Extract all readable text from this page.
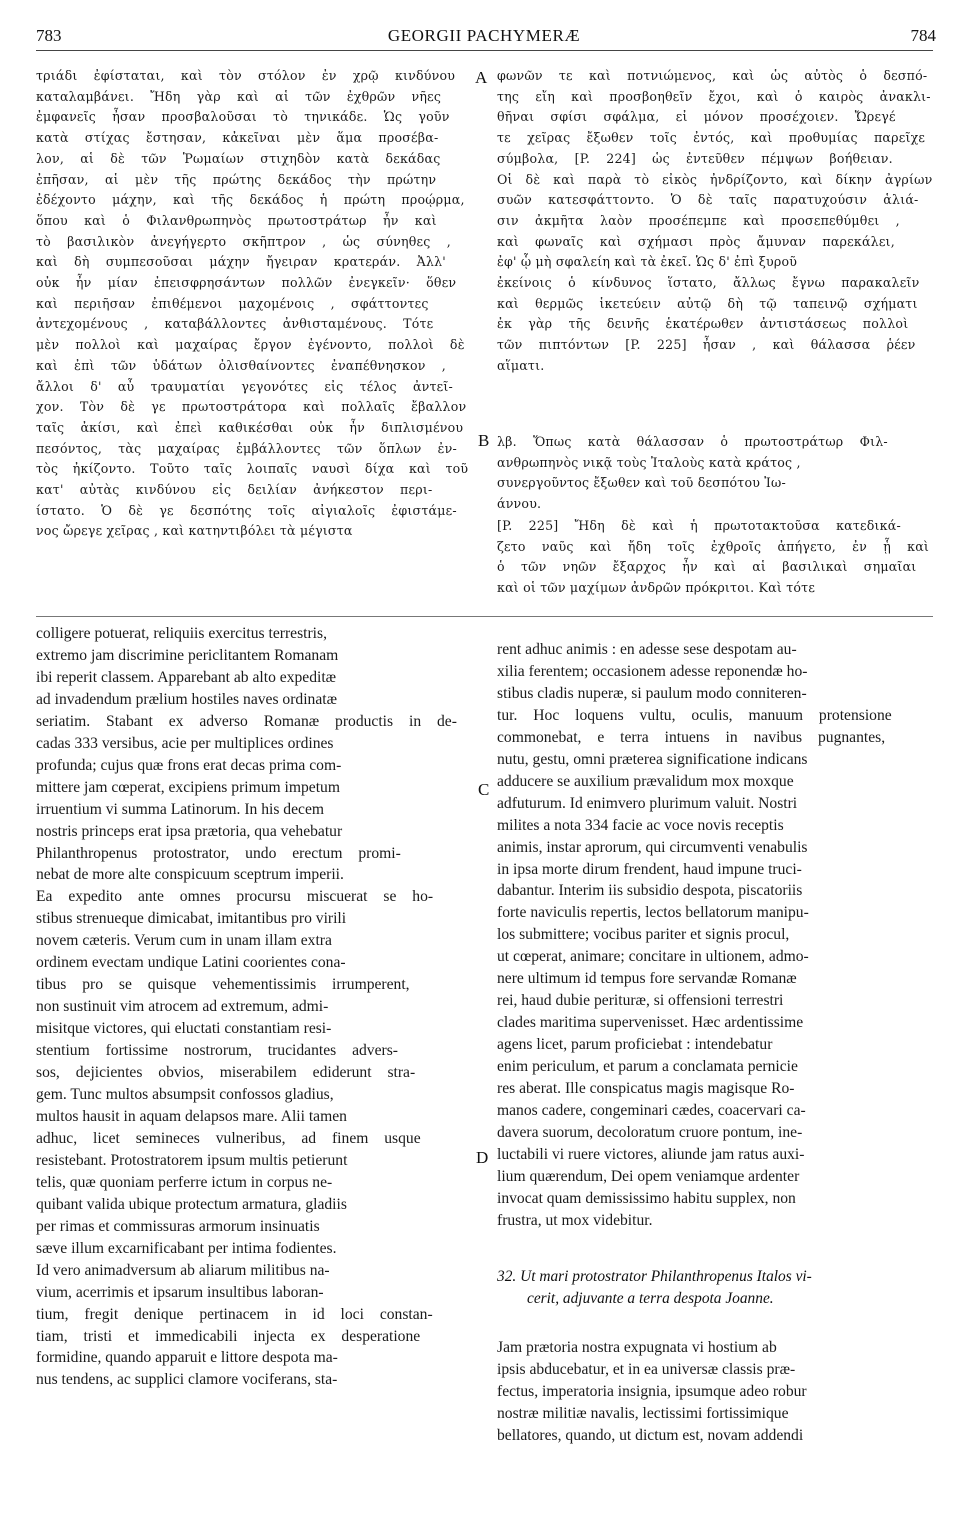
783	GEORGII PACHYMERÆ	784
A
B
C
D
τριάδι ἐφίσταται, καὶ τὸν στόλον ἐν χρῷ κινδύνου
καταλαμβάνει. Ἤδη γὰρ καὶ αἱ τῶν ἐχθρῶν νῆες
ἐμφανεῖς ἦσαν προσβαλοῦσαι τὸ τηνικάδε. Ὡς γοῦν
κατὰ στίχας ἔστησαν, κἀκεῖναι μὲν ἅμα προσέβα-
λον, αἱ δὲ τῶν Ῥωμαίων στιχηδὸν κατὰ δεκάδας
ἐπῆσαν, αἱ μὲν τῆς πρώτης δεκάδος τὴν πρώτην
ἐδέχοντο μάχην, καὶ τῆς δεκάδος ἡ πρώτη προῴρμα,
ὅπου καὶ ὁ Φιλανθρωπηνὸς πρωτοστράτωρ ἦν καὶ
τὸ βασιλικὸν ἀνεγήγερτο σκῆπτρον , ὡς σύνηθες ,
καὶ δὴ συμπεσοῦσαι μάχην ἤγειραν κρατεράν. Ἀλλ'
οὐκ ἦν μίαν ἐπεισφρησάντων πολλῶν ἐνεγκεῖν· ὅθεν
καὶ περιῆσαν ἐπιθέμενοι μαχομένοις , σφάττοντες
ἀντεχομένους , καταβάλλοντες ἀνθισταμένους. Τότε
μὲν πολλοὶ καὶ μαχαίρας ἔργον ἐγένοντο, πολλοὶ δὲ
καὶ ἐπὶ τῶν ὑδάτων ὀλισθαίνοντες ἐναπέθνησκον ,
ἄλλοι δ' αὖ τραυματίαι γεγονότες εἰς τέλος ἀντεῖ-
χον. Τὸν δὲ γε πρωτοστράτορα καὶ πολλαῖς ἔβαλλον
ταῖς ἀκίσι, καὶ ἐπεὶ καθικέσθαι οὐκ ἦν διπλισμένου
πεσόντος, τὰς μαχαίρας ἐμβάλλοντες τῶν ὅπλων ἐν-
τὸς ἠκίζοντο. Τοῦτο ταῖς λοιπαῖς ναυσὶ δίχα καὶ τοῦ
κατ' αὐτὰς κινδύνου εἰς δειλίαν ἀνήκεστον περι-
ίστατο. Ὁ δὲ γε δεσπότης τοῖς αἰγιαλοῖς ἐφιστάμε-
νος ὤρεγε χεῖρας , καὶ κατηντιβόλει τὰ μέγιστα
φωνῶν τε καὶ ποτνιώμενος, καὶ ὡς αὐτὸς ὁ δεσπό-
της εἴη καὶ προσβοηθεῖν ἔχοι, καὶ ὁ καιρὸς ἀνακλι-
θῆναι σφίσι σφάλμα, εἰ μόνον προσέχοιεν. Ὤρεγέ
τε χεῖρας ἔξωθεν τοῖς ἐντός, καὶ προθυμίας παρεῖχε
σύμβολα, [P. 224] ὡς ἐντεῦθεν πέμψων βοήθειαν.
Οἱ δὲ καὶ παρὰ τὸ εἰκὸς ἠνδρίζοντο, καὶ δίκην ἀγρίων
συῶν κατεσφάττοντο. Ὁ δὲ ταῖς παρατυχούσιν ἁλιά-
σιν ἀκμῆτα λαὸν προσέπεμπε καὶ προσεπεθύμθει ,
καὶ φωναῖς καὶ σχήμασι πρὸς ἄμυναν παρεκάλει,
ἐφ' ᾧ μὴ σφαλείη καὶ τὰ ἐκεῖ. Ὡς δ' ἐπὶ ξυροῦ
ἐκείνοις ὁ κίνδυνος ἵστατο, ἄλλως ἔγνω παρακαλεῖν
καὶ θερμῶς ἱκετεύειν αὐτῷ δὴ τῷ ταπεινῷ σχήματι
ἐκ γὰρ τῆς δεινῆς ἑκατέρωθεν ἀντιστάσεως πολλοὶ
τῶν πιπτόντων [P. 225] ἦσαν , καὶ θάλασσα ῥέεν
αἵματι.
λβ. Ὅπως κατὰ θάλασσαν ὁ πρωτοστράτωρ Φιλ-
ανθρωπηνὸς νικᾷ τοὺς Ἰταλοὺς κατὰ κράτος ,
συνεργοῦντος ἔξωθεν καὶ τοῦ δεσπότου Ἰω-
άννου.
[P. 225] Ἤδη δὲ καὶ ἡ πρωτοτακτοῦσα κατεδικά-
ζετο ναῦς καὶ ἤδη τοῖς ἐχθροῖς ἀπήγετο, ἐν ᾗ καὶ
ὁ τῶν νηῶν ἔξαρχος ἦν καὶ αἱ βασιλικαὶ σημαῖαι
καὶ οἱ τῶν μαχίμων ἀνδρῶν πρόκριτοι. Καὶ τότε
colligere potuerat, reliquiis exercitus terrestris,
extremo jam discrimine periclitantem Romanam
ibi reperit classem. Apparebant ab alto expeditæ
ad invadendum prælium hostiles naves ordinatæ
seriatim. Stabant ex adverso Romanæ productis in de-
cadas 333 versibus, acie per multiplices ordines
profunda; cujus quæ frons erat decas prima com-
mittere jam cœperat, excipiens primum impetum
irruentium vi summa Latinorum. In his decem
nostris princeps erat ipsa prætoria, qua vehebatur
Philanthropenus protostrator, undo erectum promi-
nebat de more alte conspicuum sceptrum imperii.
Ea expedito ante omnes procursu miscuerat se ho-
stibus strenueque dimicabat, imitantibus pro virili
novem cæteris. Verum cum in unam illam extra
ordinem evectam undique Latini coorientes cona-
tibus pro se quisque vehementissimis irrumperent,
non sustinuit vim atrocem ad extremum, admi-
misitque victores, qui eluctati constantiam resi-
stentium fortissime nostrorum, trucidantes advers-
sos, dejicientes obvios, miserabilem ediderunt stra-
gem. Tunc multos absumpsit confossos gladius,
multos hausit in aquam delapsos mare. Alii tamen
adhuc, licet semineces vulneribus, ad finem usque
resistebant. Protostratorem ipsum multis petierunt
telis, quæ quoniam perferre ictum in corpus ne-
quibant valida ubique protectum armatura, gladiis
per rimas et commissuras armorum insinuatis
sæve illum excarnificabant per intima fodientes.
Id vero animadversum ab aliarum militibus na-
vium, acerrimis et ipsarum insultibus laboran-
tium, fregit denique pertinacem in id loci constan-
tiam, tristi et immedicabili injecta ex desperatione
formidine, quando apparuit e littore despota ma-
nus tendens, ac supplici clamore vociferans, sta-
rent adhuc animis : en adesse sese despotam au-
xilia ferentem; occasionem adesse reponendæ ho-
stibus cladis nuperæ, si paulum modo conniteren-
tur. Hoc loquens vultu, oculis, manuum protensione
commonebat, e terra intuens in navibus pugnantes,
nutu, gestu, omni præterea significatione indicans
adducere se auxilium prævalidum mox moxque
adfuturum. Id enimvero plurimum valuit. Nostri
milites a nota 334 facie ac voce novis receptis
animis, instar aprorum, qui circumventi venabulis
in ipsa morte dirum frendent, haud impune truci-
dabantur. Interim iis subsidio despota, piscatoriis
forte naviculis repertis, lectos bellatorum manipu-
los submittere; vocibus pariter et signis procul,
ut cœperat, animare; concitare in ultionem, admo-
nere ultimum id tempus fore servandæ Romanæ
rei, haud dubie perituræ, si offensioni terrestri
clades maritima supervenisset. Hæc ardentissime
agens licet, parum proficiebat : intendebatur
enim periculum, et parum a conclamata pernicie
res aberat. Ille conspicatus magis magisque Ro-
manos cadere, congeminari cædes, coacervari ca-
davera suorum, decoloratum cruore pontum, ine-
luctabili vi ruere victores, aliunde jam ratus auxi-
lium quærendum, Dei opem veniamque ardenter
invocat quam demississimo habitu supplex, non
frustra, ut mox videbitur.
32. Ut mari protostrator Philanthropenus Italos vi-
cerit, adjuvante a terra despota Joanne.
Jam prætoria nostra expugnata vi hostium ab
ipsis abducebatur, et in ea universæ classis præ-
fectus, imperatoria insignia, ipsumque adeo robur
nostræ militiæ navalis, lectissimi fortissimique
bellatores, quando, ut dictum est, novam addendi
